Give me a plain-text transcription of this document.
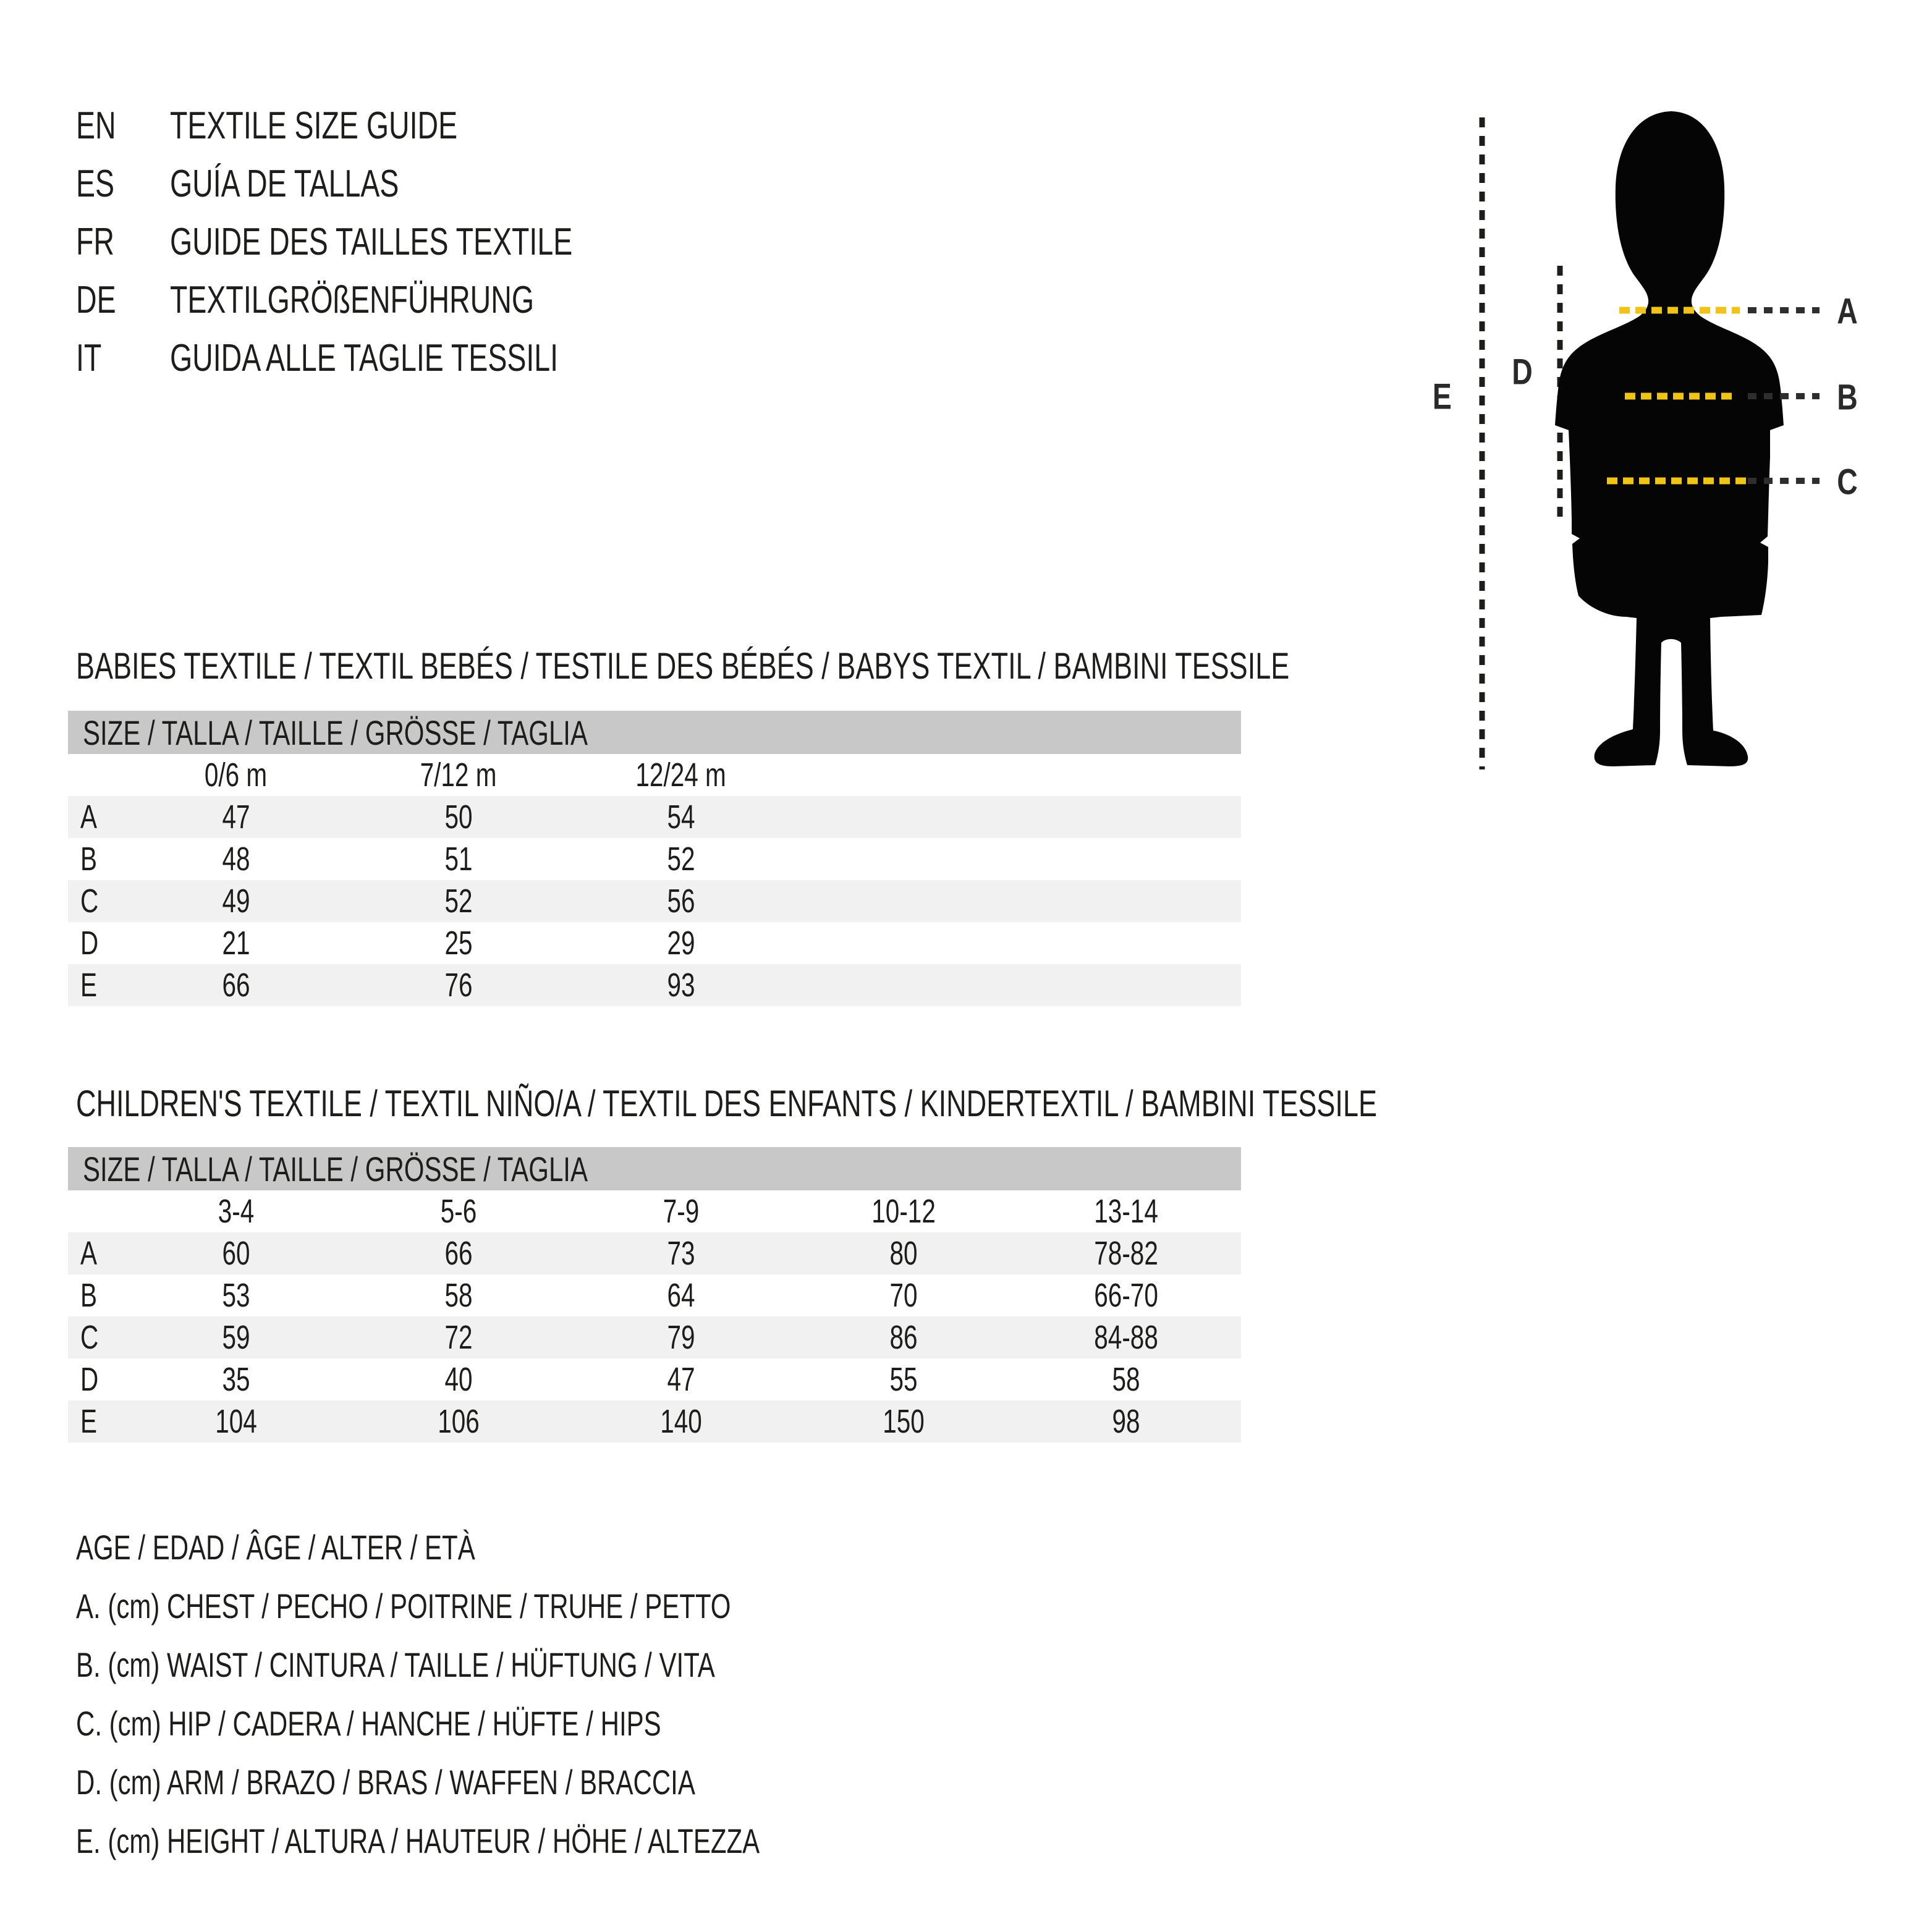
EN	TEXTILE SIZE GUIDE
ES	GUÍA DE TALLAS
FR	GUIDE DES TAILLES TEXTILE
DE	TEXTILGRÖßENFÜHRUNG
IT	GUIDA ALLE TAGLIE TESSILI
A
B
C
D
E
BABIES TEXTILE / TEXTIL BEBÉS / TESTILE DES BÉBÉS / BABYS TEXTIL / BAMBINI TESSILE
SIZE / TALLA / TAILLE / GRÖSSE / TAGLIA
0/6 m	7/12 m	12/24 m
A	47	50	54
B	48	51	52
C	49	52	56
D	21	25	29
E	66	76	93
CHILDREN'S TEXTILE / TEXTIL NIÑO/A / TEXTIL DES ENFANTS / KINDERTEXTIL / BAMBINI TESSILE
SIZE / TALLA / TAILLE / GRÖSSE / TAGLIA
3-4	5-6	7-9	10-12	13-14
A	60	66	73	80	78-82
B	53	58	64	70	66-70
C	59	72	79	86	84-88
D	35	40	47	55	58
E	104	106	140	150	98
AGE / EDAD / ÂGE / ALTER / ETÀ
A. (cm) CHEST / PECHO / POITRINE / TRUHE / PETTO
B. (cm) WAIST / CINTURA / TAILLE / HÜFTUNG / VITA
C. (cm) HIP / CADERA / HANCHE / HÜFTE / HIPS
D. (cm) ARM / BRAZO / BRAS / WAFFEN / BRACCIA
E. (cm) HEIGHT / ALTURA / HAUTEUR / HÖHE / ALTEZZA
